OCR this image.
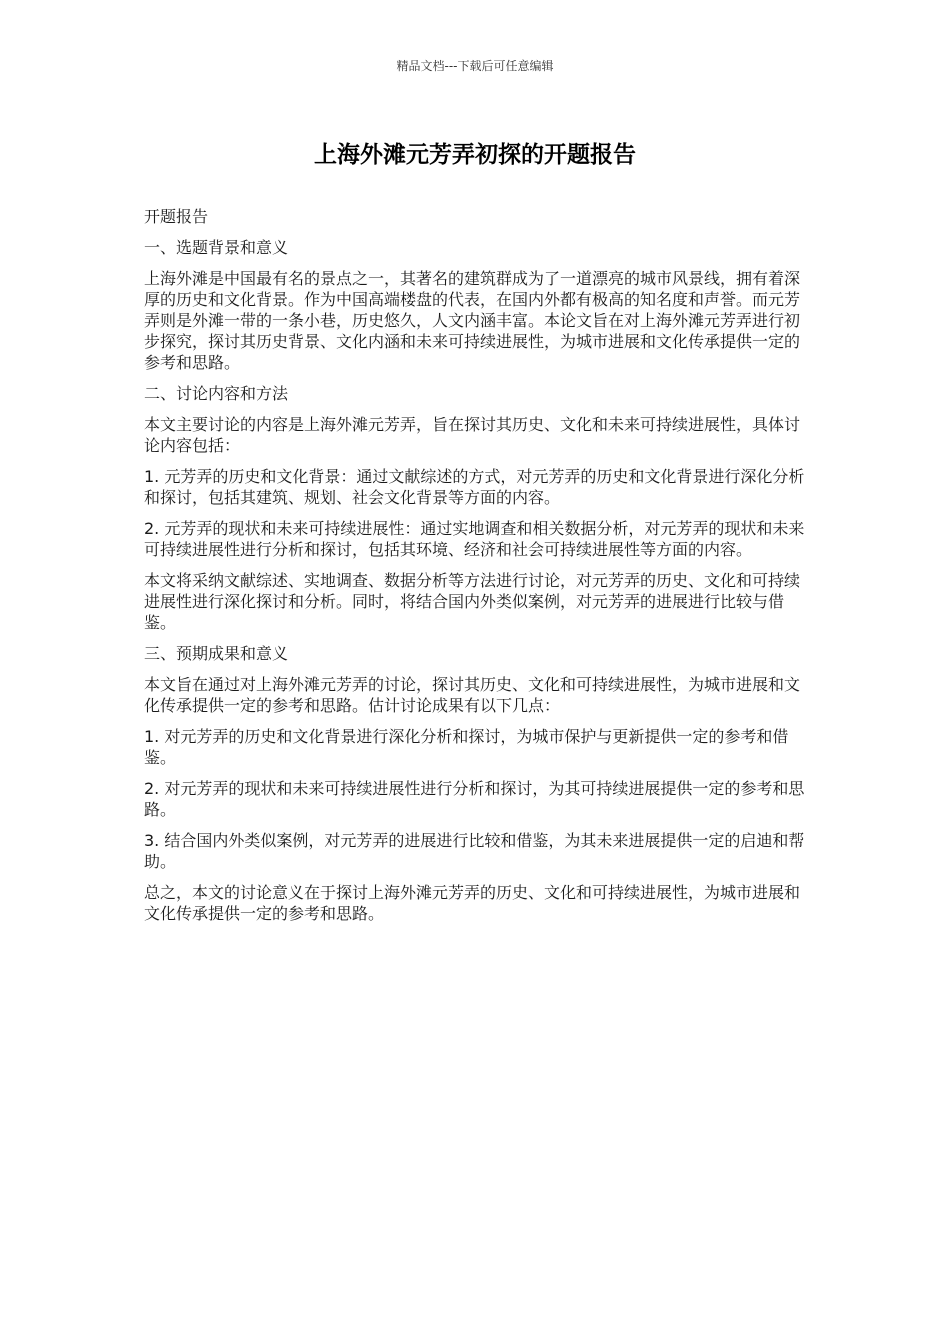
精品文档---下载后可任意编辑
上海外滩元芳弄初探的开题报告

开题报告

一、选题背景和意义

上海外滩是中国最有名的景点之一，其著名的建筑群成为了一道漂亮的城市风景线，拥有着深厚的历史和文化背景。作为中国高端楼盘的代表，在国内外都有极高的知名度和声誉。而元芳弄则是外滩一带的一条小巷，历史悠久，人文内涵丰富。本论文旨在对上海外滩元芳弄进行初步探究，探讨其历史背景、文化内涵和未来可持续进展性，为城市进展和文化传承提供一定的参考和思路。

二、讨论内容和方法

本文主要讨论的内容是上海外滩元芳弄，旨在探讨其历史、文化和未来可持续进展性，具体讨论内容包括：

1. 元芳弄的历史和文化背景：通过文献综述的方式，对元芳弄的历史和文化背景进行深化分析和探讨，包括其建筑、规划、社会文化背景等方面的内容。

2. 元芳弄的现状和未来可持续进展性：通过实地调查和相关数据分析，对元芳弄的现状和未来可持续进展性进行分析和探讨，包括其环境、经济和社会可持续进展性等方面的内容。

本文将采纳文献综述、实地调查、数据分析等方法进行讨论，对元芳弄的历史、文化和可持续进展性进行深化探讨和分析。同时，将结合国内外类似案例，对元芳弄的进展进行比较与借鉴。

三、预期成果和意义

本文旨在通过对上海外滩元芳弄的讨论，探讨其历史、文化和可持续进展性，为城市进展和文化传承提供一定的参考和思路。估计讨论成果有以下几点：

1. 对元芳弄的历史和文化背景进行深化分析和探讨，为城市保护与更新提供一定的参考和借鉴。

2. 对元芳弄的现状和未来可持续进展性进行分析和探讨，为其可持续进展提供一定的参考和思路。

3. 结合国内外类似案例，对元芳弄的进展进行比较和借鉴，为其未来进展提供一定的启迪和帮助。

总之，本文的讨论意义在于探讨上海外滩元芳弄的历史、文化和可持续进展性，为城市进展和文化传承提供一定的参考和思路。
